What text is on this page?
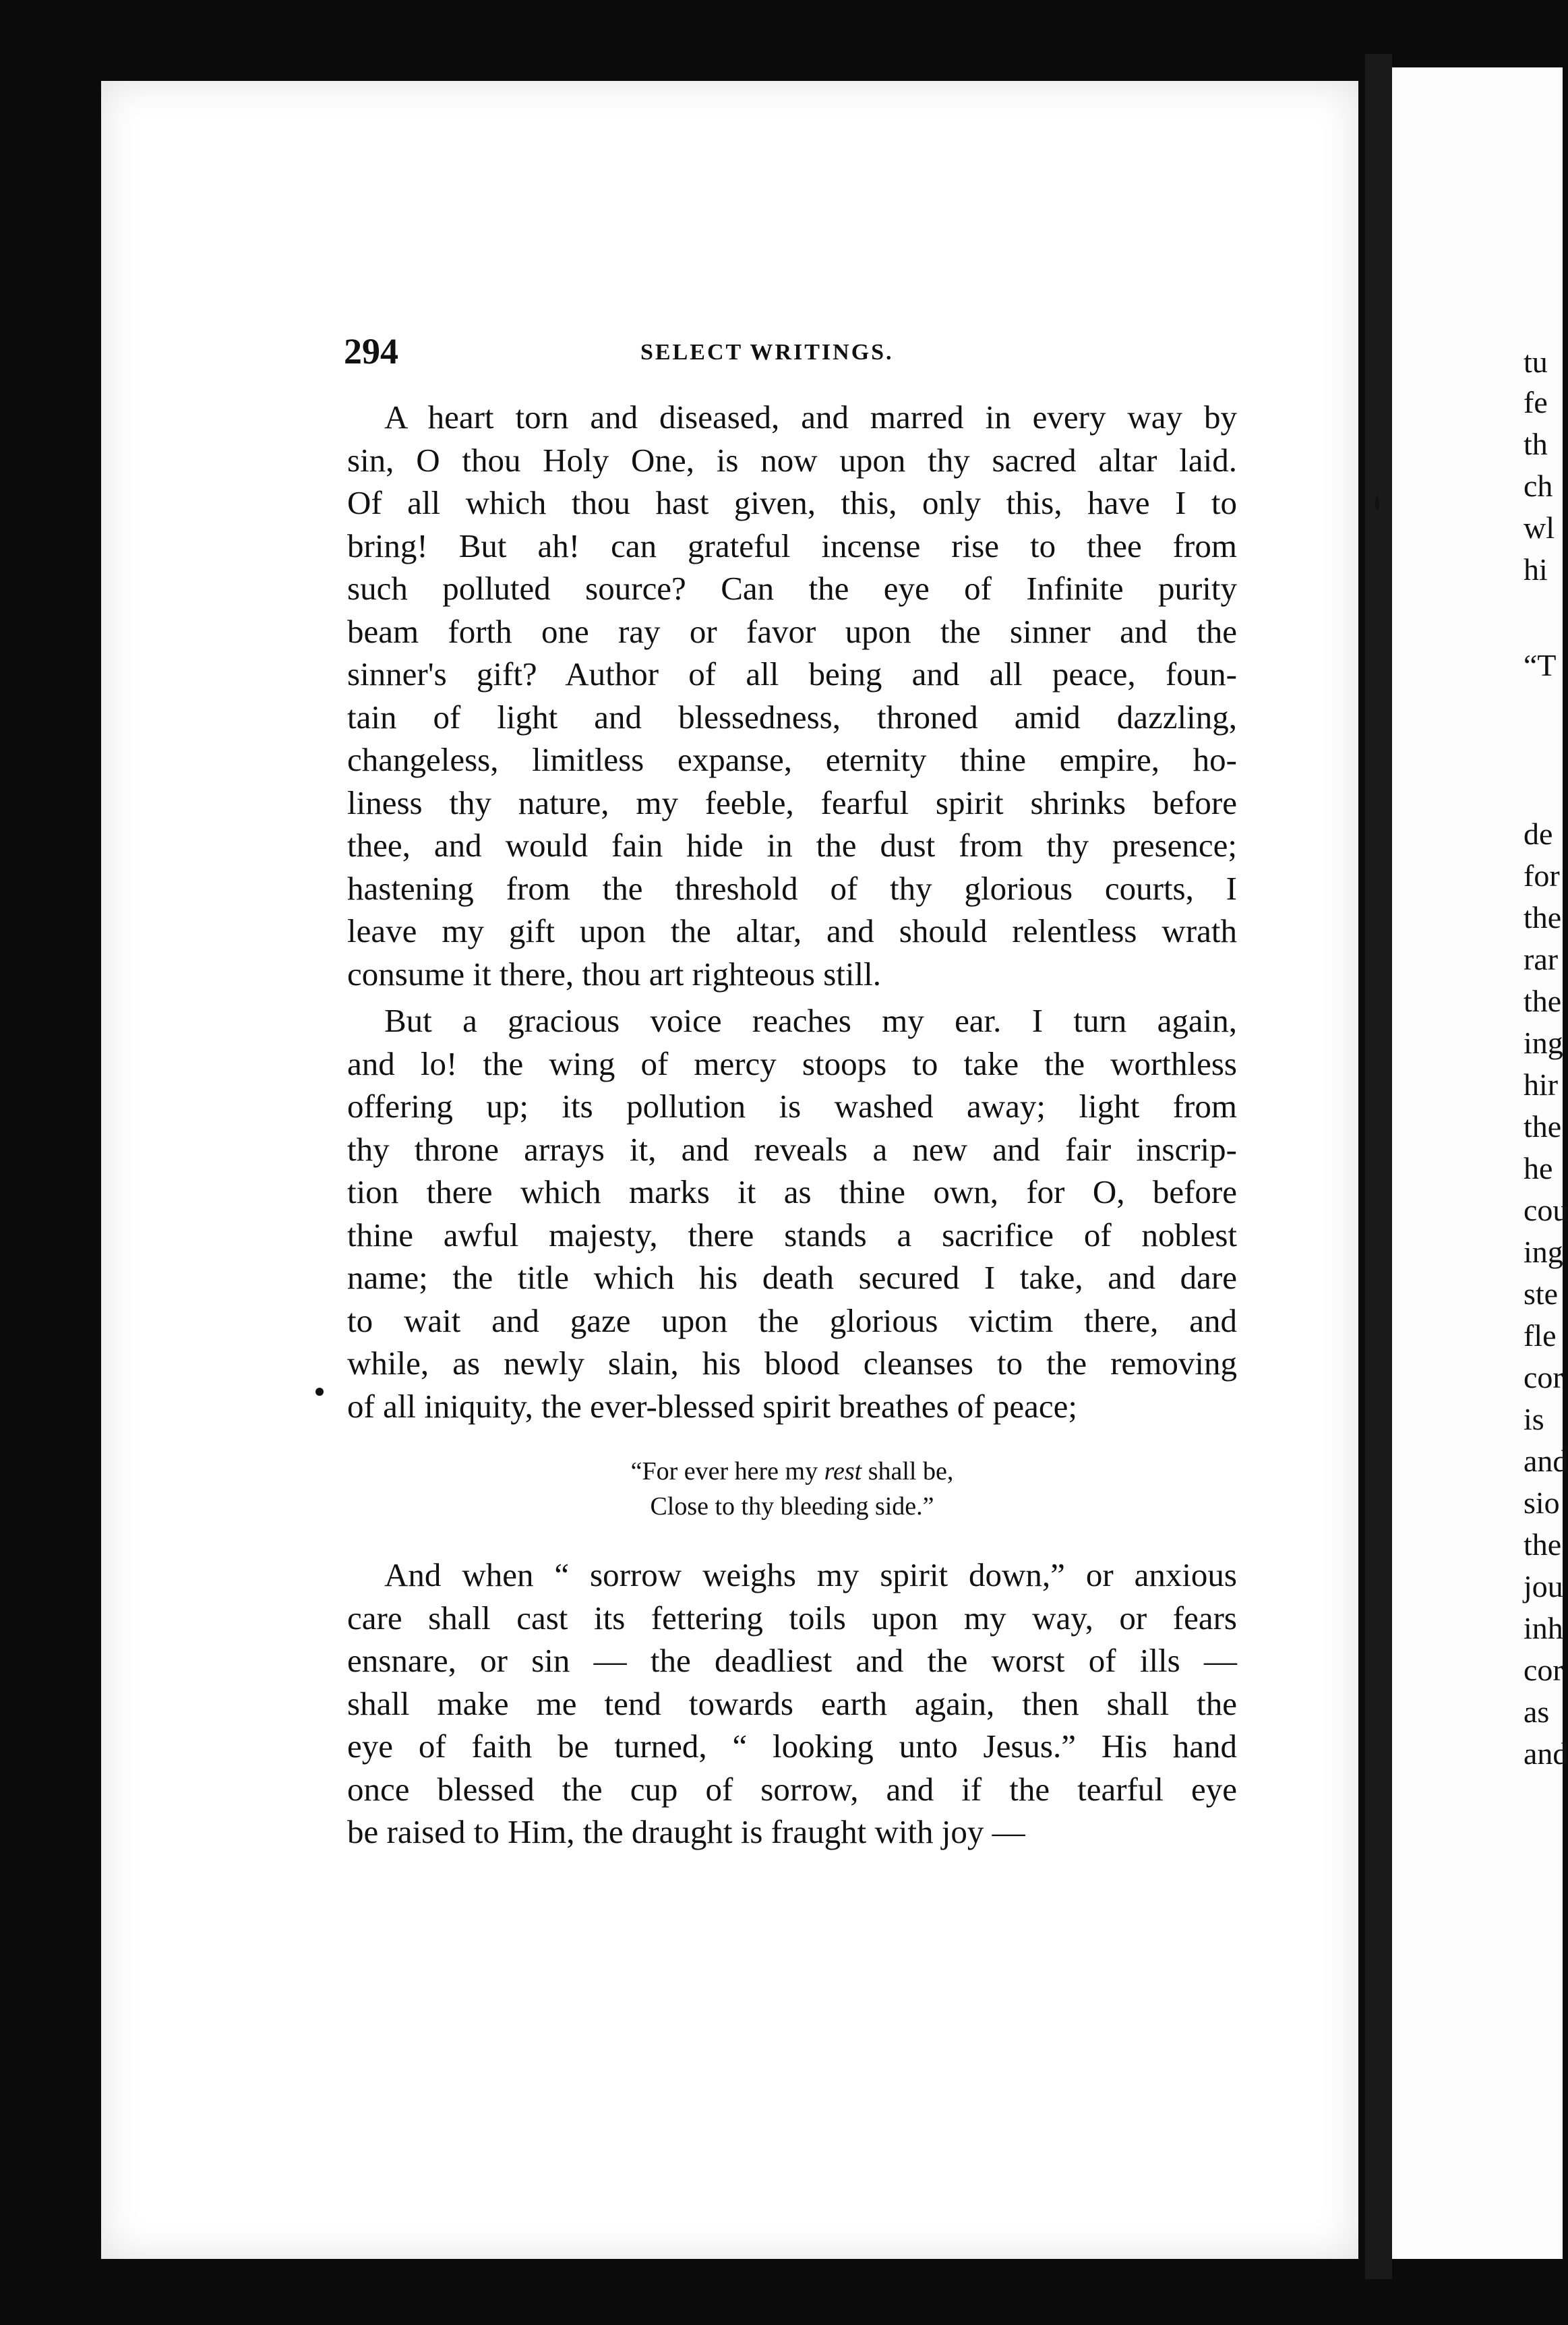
tu
fe
th
ch
wl
hi
“T
de
for
the
rar
the
ing
hir
the
he
cou
ing
ste
fle
cor
is
and
sio
the
jou
inh
cor
as
and
294	SELECT WRITINGS.
A heart torn and diseased, and marred in every way by
sin, O thou Holy One, is now upon thy sacred altar laid.
Of all which thou hast given, this, only this, have I to
bring! But ah! can grateful incense rise to thee from
such polluted source? Can the eye of Infinite purity
beam forth one ray or favor upon the sinner and the
sinner's gift? Author of all being and all peace, foun-
tain of light and blessedness, throned amid dazzling,
changeless, limitless expanse, eternity thine empire, ho-
liness thy nature, my feeble, fearful spirit shrinks before
thee, and would fain hide in the dust from thy presence;
hastening from the threshold of thy glorious courts, I
leave my gift upon the altar, and should relentless wrath
consume it there, thou art righteous still.
But a gracious voice reaches my ear. I turn again,
and lo! the wing of mercy stoops to take the worthless
offering up; its pollution is washed away; light from
thy throne arrays it, and reveals a new and fair inscrip-
tion there which marks it as thine own, for O, before
thine awful majesty, there stands a sacrifice of noblest
name; the title which his death secured I take, and dare
to wait and gaze upon the glorious victim there, and
while, as newly slain, his blood cleanses to the removing
of all iniquity, the ever-blessed spirit breathes of peace;
“For ever here my rest shall be,
Close to thy bleeding side.”
And when “ sorrow weighs my spirit down,” or anxious
care shall cast its fettering toils upon my way, or fears
ensnare, or sin — the deadliest and the worst of ills —
shall make me tend towards earth again, then shall the
eye of faith be turned, “ looking unto Jesus.” His hand
once blessed the cup of sorrow, and if the tearful eye
be raised to Him, the draught is fraught with joy —
